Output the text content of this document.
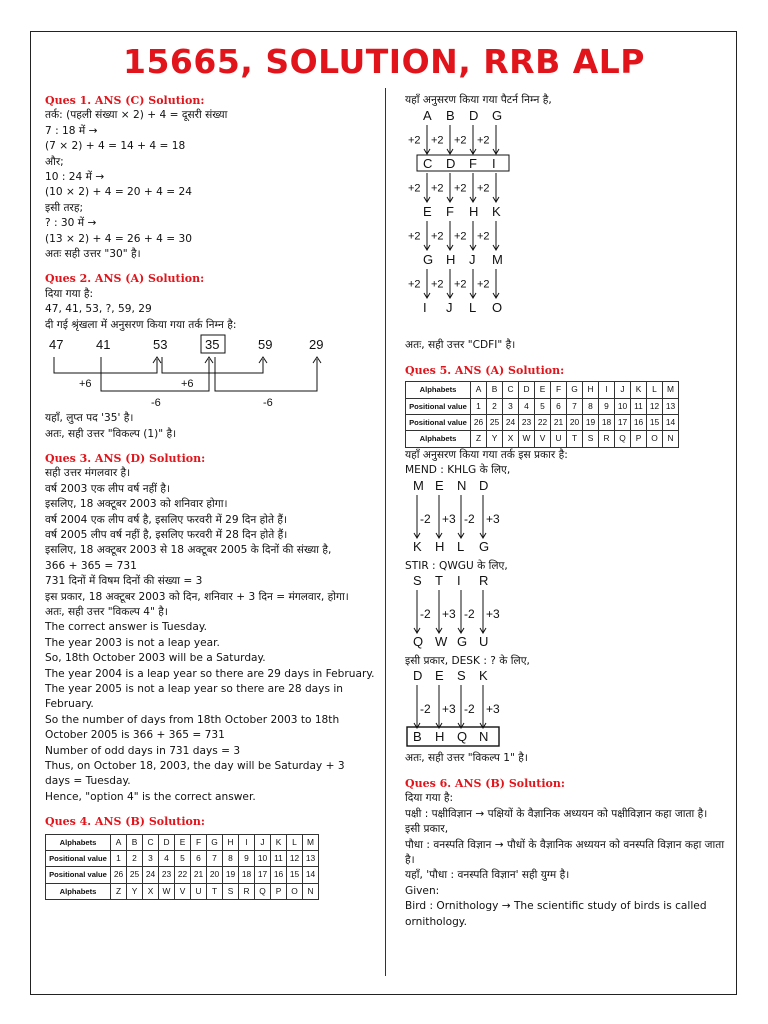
15665, SOLUTION, RRB ALP
Ques 1. ANS (C) Solution:
तर्क: (पहली संख्या × 2) + 4 = दूसरी संख्या
7 : 18 में →
(7 × 2) + 4 = 14 + 4 = 18
और;
10 : 24 में →
(10 × 2) + 4 = 20 + 4 = 24
इसी तरह;
? : 30 में →
(13 × 2) + 4 = 26 + 4 = 30
अतः सही उत्तर "30" है।
Ques 2. ANS (A) Solution:
दिया गया है:
47, 41, 53, ?, 59, 29
दी गई श्रृंखला में अनुसरण किया गया तर्क निम्न है:
47	41	53	35	59	29
+6	+6
-6	-6
यहाँ, लुप्त पद '35' है।
अतः, सही उत्तर "विकल्प (1)" है।
Ques 3. ANS (D) Solution:
सही उत्तर मंगलवार है।
वर्ष 2003 एक लीप वर्ष नहीं है।
इसलिए, 18 अक्टूबर 2003 को शनिवार होगा।
वर्ष 2004 एक लीप वर्ष है, इसलिए फरवरी में 29 दिन होते हैं।
वर्ष 2005 लीप वर्ष नहीं है, इसलिए फरवरी में 28 दिन होते हैं।
इसलिए, 18 अक्टूबर 2003 से 18 अक्टूबर 2005 के दिनों की संख्या है,
366 + 365 = 731
731 दिनों में विषम दिनों की संख्या = 3
इस प्रकार, 18 अक्टूबर 2003 को दिन, शनिवार + 3 दिन = मंगलवार, होगा।
अतः, सही उत्तर "विकल्प 4" है।
The correct answer is Tuesday.
The year 2003 is not a leap year.
So, 18th October 2003 will be a Saturday.
The year 2004 is a leap year so there are 29 days in February.
The year 2005 is not a leap year so there are 28 days in February.
So the number of days from 18th October 2003 to 18th October 2005 is 366 + 365 = 731
Number of odd days in 731 days = 3
Thus, on October 18, 2003, the day will be Saturday + 3 days = Tuesday.
Hence, "option 4" is the correct answer.
Ques 4. ANS (B) Solution:
Alphabets	A	B	C	D	E	F	G	H	I	J	K	L	M
Positional value	1	2	3	4	5	6	7	8	9	10	11	12	13
Positional value	26	25	24	23	22	21	20	19	18	17	16	15	14
Alphabets	Z	Y	X	W	V	U	T	S	R	Q	P	O	N
यहाँ अनुसरण किया गया पैटर्न निम्न है,
A B D G
+2 +2 +2 +2
C D F I
+2 +2 +2 +2
E F H K
+2 +2 +2 +2
G H J M
+2 +2 +2 +2
I J L O
अतः, सही उत्तर "CDFI" है।
Ques 5. ANS (A) Solution:
Alphabets	A	B	C	D	E	F	G	H	I	J	K	L	M
Positional value	1	2	3	4	5	6	7	8	9	10	11	12	13
Positional value	26	25	24	23	22	21	20	19	18	17	16	15	14
Alphabets	Z	Y	X	W	V	U	T	S	R	Q	P	O	N
यहाँ अनुसरण किया गया तर्क इस प्रकार है:
MEND : KHLG के लिए,
M
K
-2
E
H
+3
N
L
-2
D
G
+3
STIR : QWGU के लिए,
S
Q
-2
T
W
+3
I
G
-2
R
U
+3
इसी प्रकार, DESK : ? के लिए,
D
B
-2
E
H
+3
S
Q
-2
K
N
+3
अतः, सही उत्तर "विकल्प 1" है।
Ques 6. ANS (B) Solution:
दिया गया है:
पक्षी : पक्षीविज्ञान → पक्षियों के वैज्ञानिक अध्ययन को पक्षीविज्ञान कहा जाता है।
इसी प्रकार,
पौधा : वनस्पति विज्ञान → पौधों के वैज्ञानिक अध्ययन को वनस्पति विज्ञान कहा जाता है।
यहाँ, 'पौधा : वनस्पति विज्ञान' सही युग्म है।
Given:
Bird : Ornithology → The scientific study of birds is called ornithology.
